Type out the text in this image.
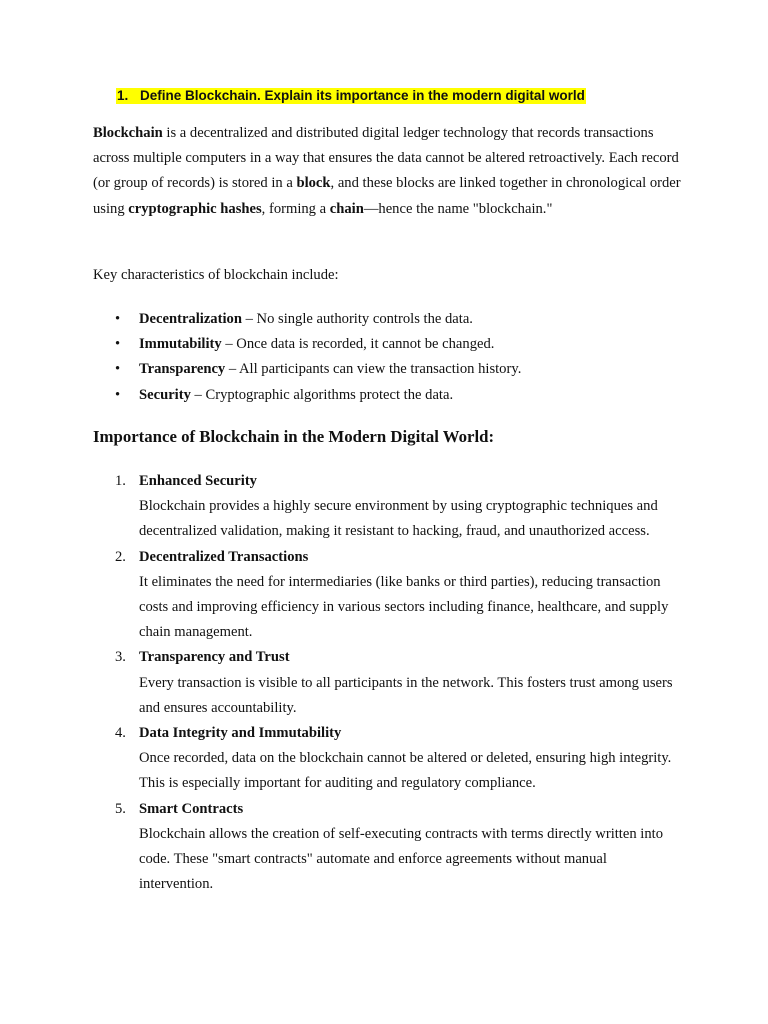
1. Define Blockchain. Explain its importance in the modern digital world
Blockchain is a decentralized and distributed digital ledger technology that records transactions across multiple computers in a way that ensures the data cannot be altered retroactively. Each record (or group of records) is stored in a block, and these blocks are linked together in chronological order using cryptographic hashes, forming a chain—hence the name "blockchain."
Key characteristics of blockchain include:
• Decentralization – No single authority controls the data.
• Immutability – Once data is recorded, it cannot be changed.
• Transparency – All participants can view the transaction history.
• Security – Cryptographic algorithms protect the data.
Importance of Blockchain in the Modern Digital World:
1. Enhanced Security
Blockchain provides a highly secure environment by using cryptographic techniques and decentralized validation, making it resistant to hacking, fraud, and unauthorized access.
2. Decentralized Transactions
It eliminates the need for intermediaries (like banks or third parties), reducing transaction costs and improving efficiency in various sectors including finance, healthcare, and supply chain management.
3. Transparency and Trust
Every transaction is visible to all participants in the network. This fosters trust among users and ensures accountability.
4. Data Integrity and Immutability
Once recorded, data on the blockchain cannot be altered or deleted, ensuring high integrity. This is especially important for auditing and regulatory compliance.
5. Smart Contracts
Blockchain allows the creation of self-executing contracts with terms directly written into code. These "smart contracts" automate and enforce agreements without manual intervention.
